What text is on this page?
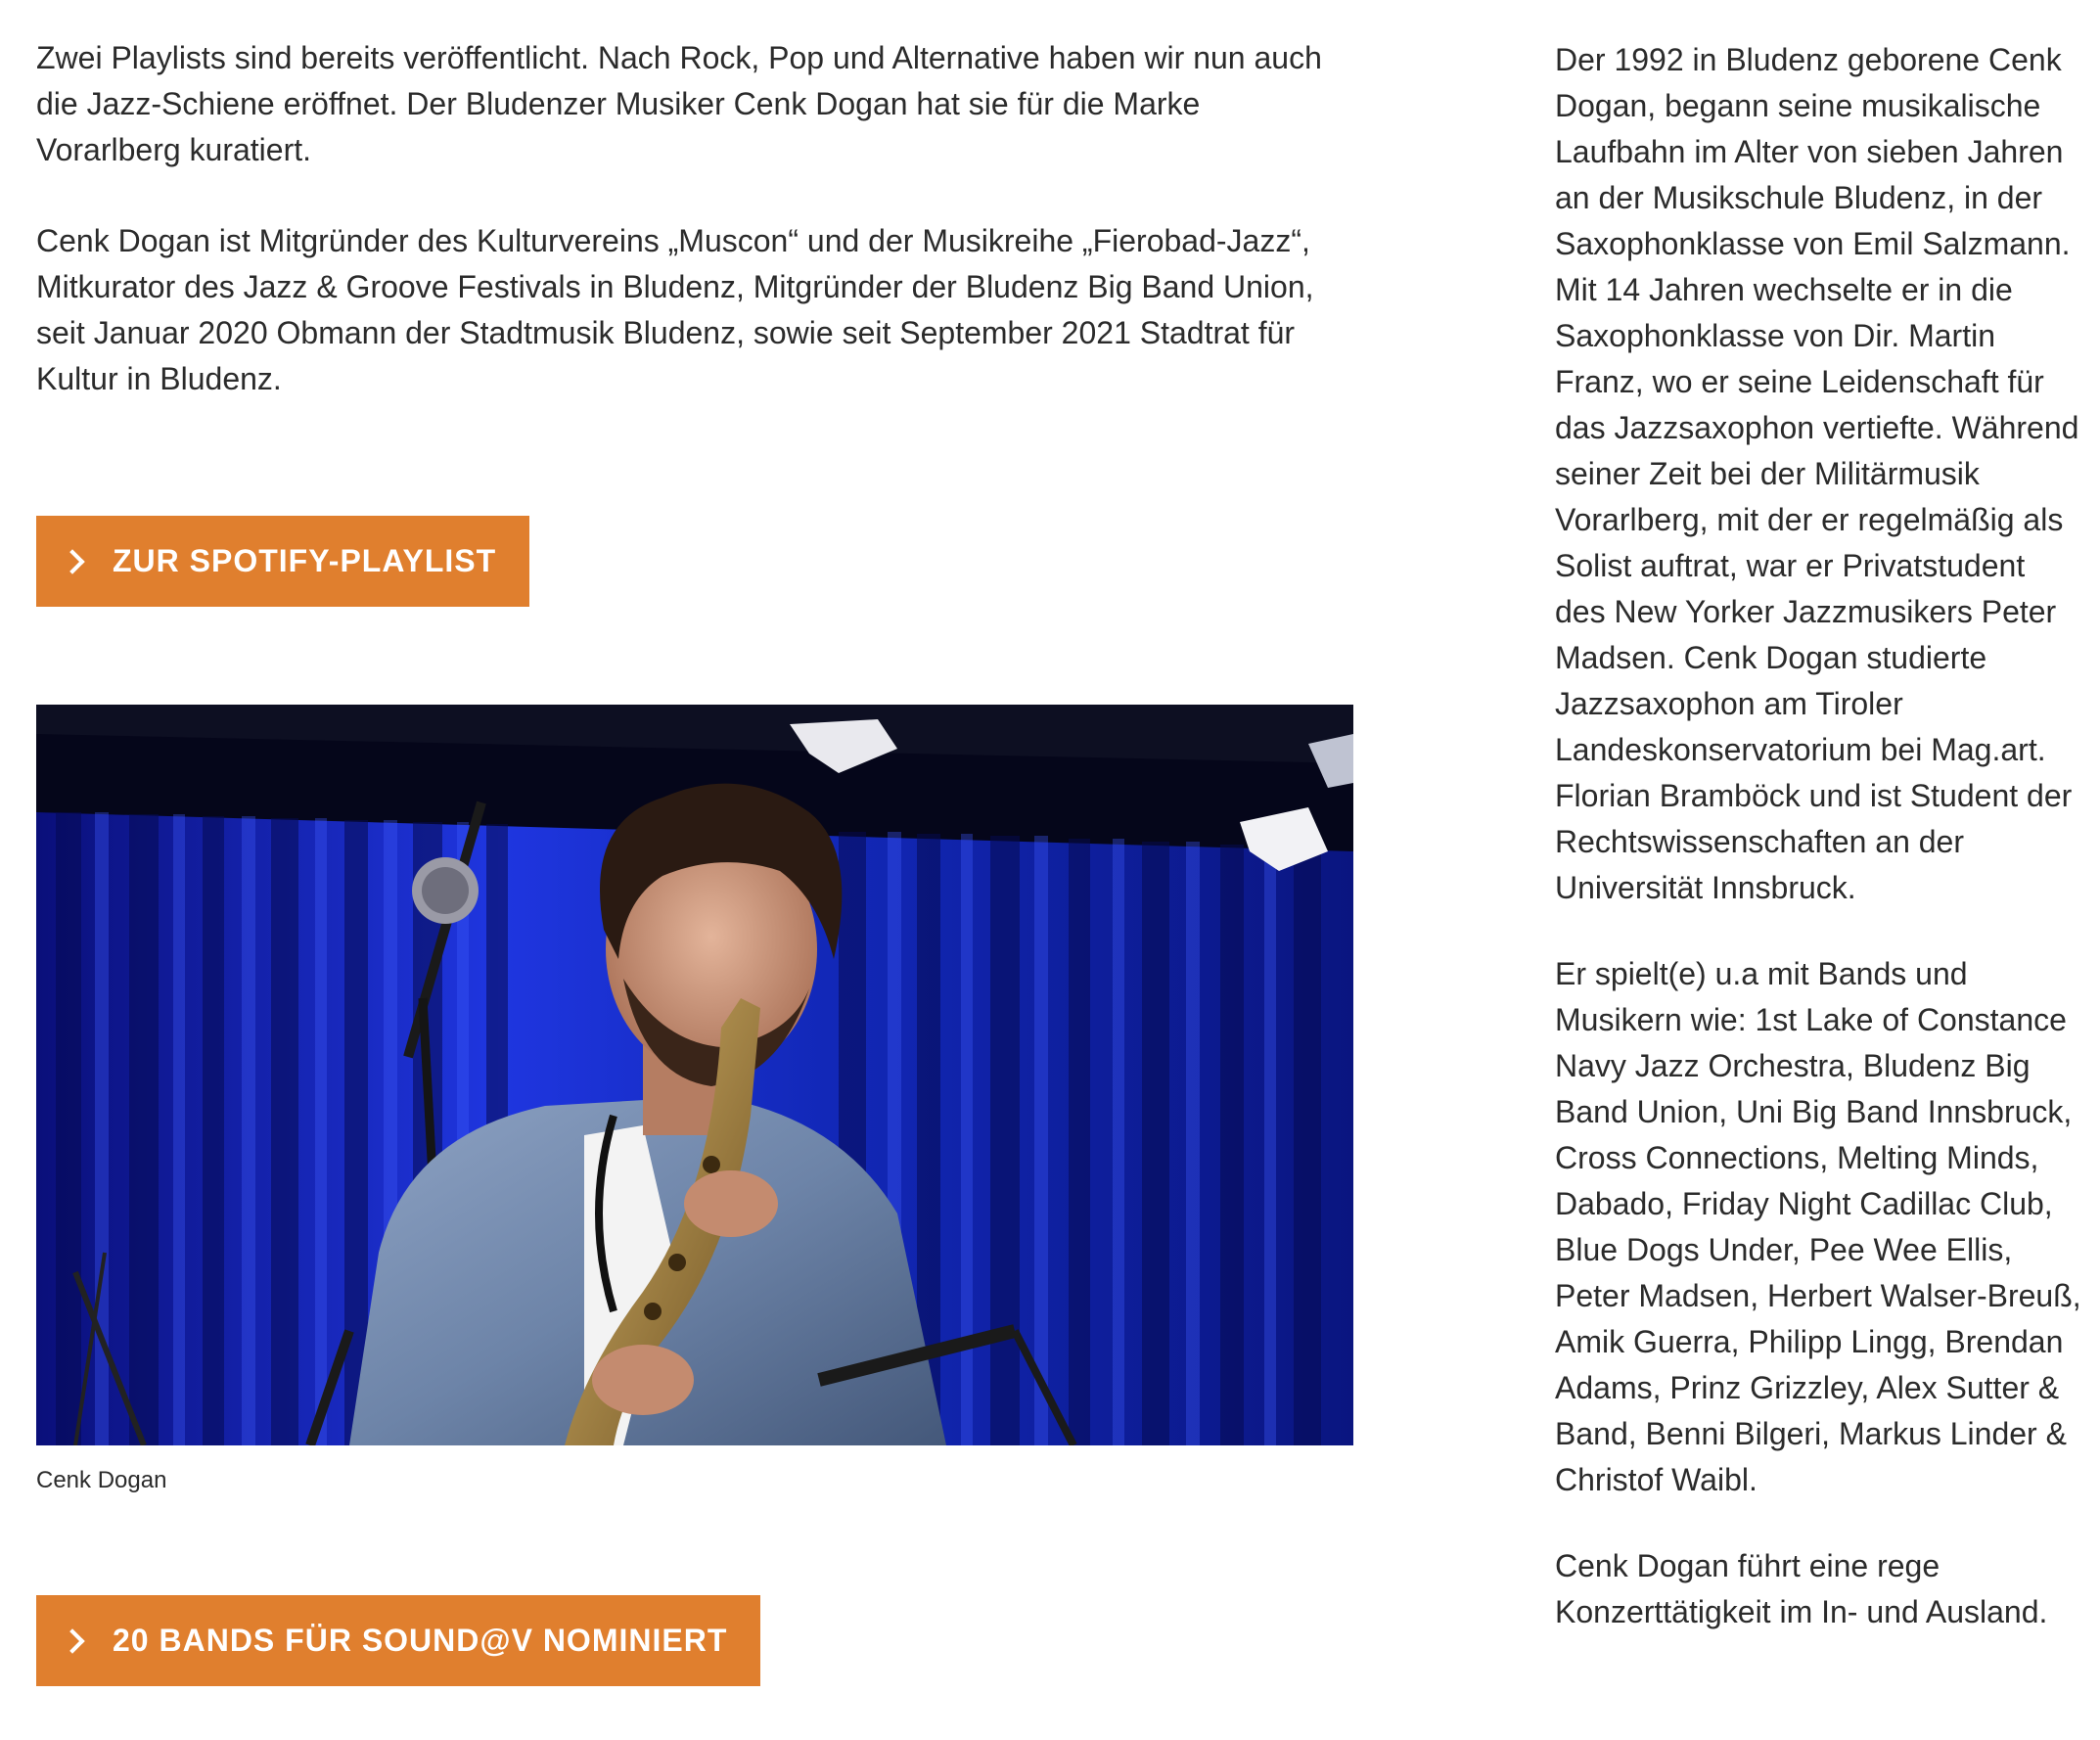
Zwei Playlists sind bereits veröffentlicht. Nach Rock, Pop und Alternative haben wir nun auch die Jazz-Schiene eröffnet. Der Bludenzer Musiker Cenk Dogan hat sie für die Marke Vorarlberg kuratiert.

Cenk Dogan ist Mitgründer des Kulturvereins „Muscon“ und der Musikreihe „Fierobad-Jazz“, Mitkurator des Jazz & Groove Festivals in Bludenz, Mitgründer der Bludenz Big Band Union, seit Januar 2020 Obmann der Stadtmusik Bludenz, sowie seit September 2021 Stadtrat für Kultur in Bludenz.

ZUR SPOTIFY-PLAYLIST
Cenk Dogan
20 BANDS FÜR SOUND@V NOMINIERT

Der 1992 in Bludenz geborene Cenk Dogan, begann seine musikalische Laufbahn im Alter von sieben Jahren an der Musikschule Bludenz, in der Saxophonklasse von Emil Salzmann. Mit 14 Jahren wechselte er in die Saxophonklasse von Dir. Martin Franz, wo er seine Leidenschaft für das Jazzsaxophon vertiefte. Während seiner Zeit bei der Militärmusik Vorarlberg, mit der er regelmäßig als Solist auftrat, war er Privatstudent des New Yorker Jazzmusikers Peter Madsen. Cenk Dogan studierte Jazzsaxophon am Tiroler Landeskonservatorium bei Mag.art. Florian Bramböck und ist Student der Rechtswissenschaften an der Universität Innsbruck.

Er spielt(e) u.a mit Bands und Musikern wie: 1st Lake of Constance Navy Jazz Orchestra, Bludenz Big Band Union, Uni Big Band Innsbruck, Cross Connections, Melting Minds, Dabado, Friday Night Cadillac Club, Blue Dogs Under, Pee Wee Ellis, Peter Madsen, Herbert Walser-Breuß, Amik Guerra, Philipp Lingg, Brendan Adams, Prinz Grizzley, Alex Sutter & Band, Benni Bilgeri, Markus Linder & Christof Waibl.

Cenk Dogan führt eine rege Konzerttätigkeit im In- und Ausland.
